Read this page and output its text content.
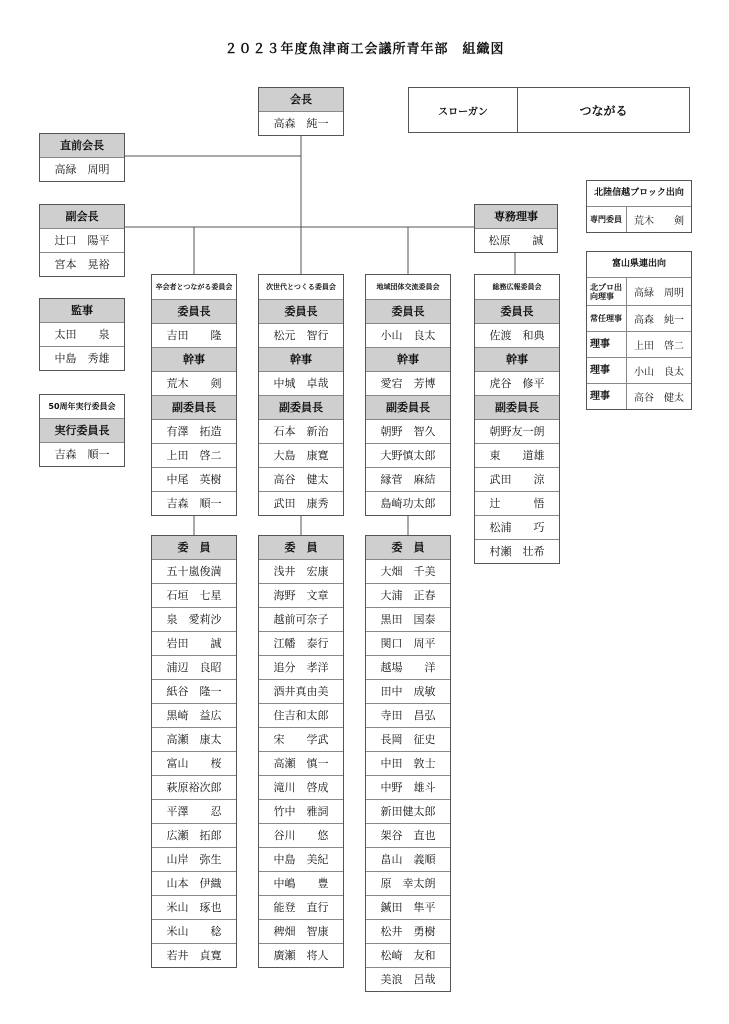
２０２３年度魚津商工会議所青年部　組織図
会長
高森　純一
スローガン	つながる
直前会長
高緑　周明
副会長
辻口　陽平
宮本　晃裕
監事
太田　　泉
中島　秀雄
50周年実行委員会
実行委員長
吉森　順一
専務理事
松原　　誠
北陸信越ブロック出向
専門委員	荒木　　剣
富山県連出向
北プロ出向理事	高緑　周明
常任理事	高森　純一
理事	上田　啓二
理事	小山　良太
理事	高谷　健太
卒会者とつながる委員会
委員長
吉田　　隆
幹事
荒木　　剣
副委員長
有澤　拓造
上田　啓二
中尾　英樹
吉森　順一
委　員
五十嵐俊満
石垣　七星
泉　愛莉沙
岩田　　誠
浦辺　良昭
紙谷　隆一
黒崎　益広
高瀬　康太
富山　　桜
萩原裕次郎
平澤　　忍
広瀬　拓郎
山岸　弥生
山本　伊織
米山　琢也
米山　　稔
若井　貞寛
次世代とつくる委員会
委員長
松元　智行
幹事
中城　卓哉
副委員長
石本　新治
大島　康寛
高谷　健太
武田　康秀
委　員
浅井　宏康
海野　文章
越前可奈子
江幡　泰行
追分　孝洋
酒井真由美
住吉和太郎
宋　　学武
高瀬　慎一
滝川　啓成
竹中　雅詞
谷川　　悠
中島　美紀
中嶋　　豊
能登　直行
稗畑　智康
廣瀬　将人
地域団体交流委員会
委員長
小山　良太
幹事
愛宕　芳博
副委員長
朝野　智久
大野慎太郎
縁菅　麻結
島崎功太郎
委　員
大畑　千美
大浦　正春
黒田　国泰
関口　周平
越場　　洋
田中　成敏
寺田　昌弘
長岡　征史
中田　敦士
中野　雄斗
新田健太郎
架谷　直也
畠山　義順
原　幸太朗
鍼田　隼平
松井　勇樹
松崎　友和
美浪　呂哉
総務広報委員会
委員長
佐渡　和典
幹事
虎谷　修平
副委員長
朝野友一朗
東　　道雄
武田　　涼
辻　　　悟
松浦　　巧
村瀬　壮希
